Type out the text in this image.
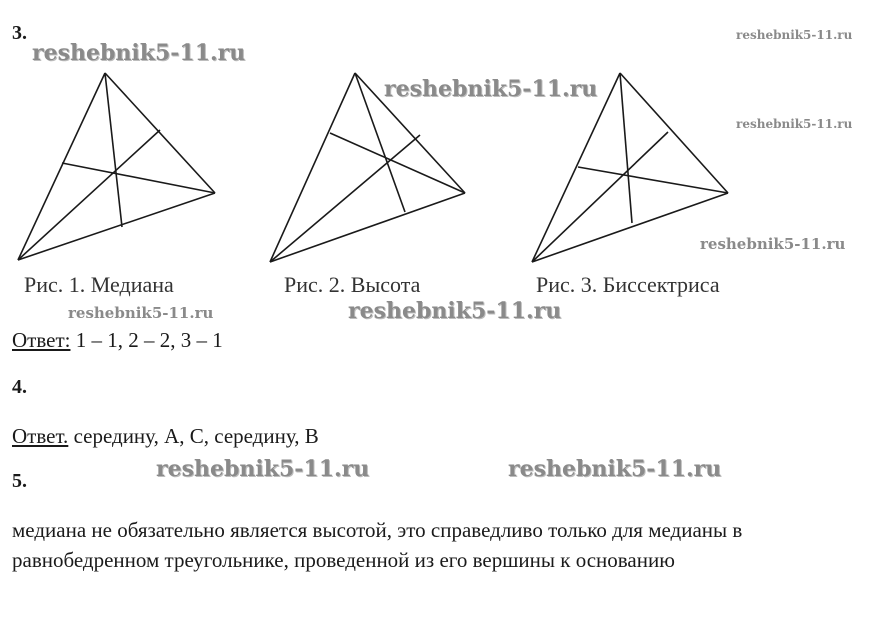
3.
reshebnik5-11.ru
reshebnik5-11.ru
reshebnik5-11.ru
reshebnik5-11.ru
reshebnik5-11.ru
reshebnik5-11.ru	reshebnik5-11.ru
reshebnik5-11.ru	reshebnik5-11.ru
Рис. 1. Медиана	Рис. 2. Высота	Рис. 3. Биссектриса
Ответ: 1 – 1, 2 – 2, 3 – 1
4.
Ответ. середину, А, С, середину, В
5.
медиана не обязательно является высотой, это справедливо только для медианы в
равнобедренном треугольнике, проведенной из его вершины к основанию
